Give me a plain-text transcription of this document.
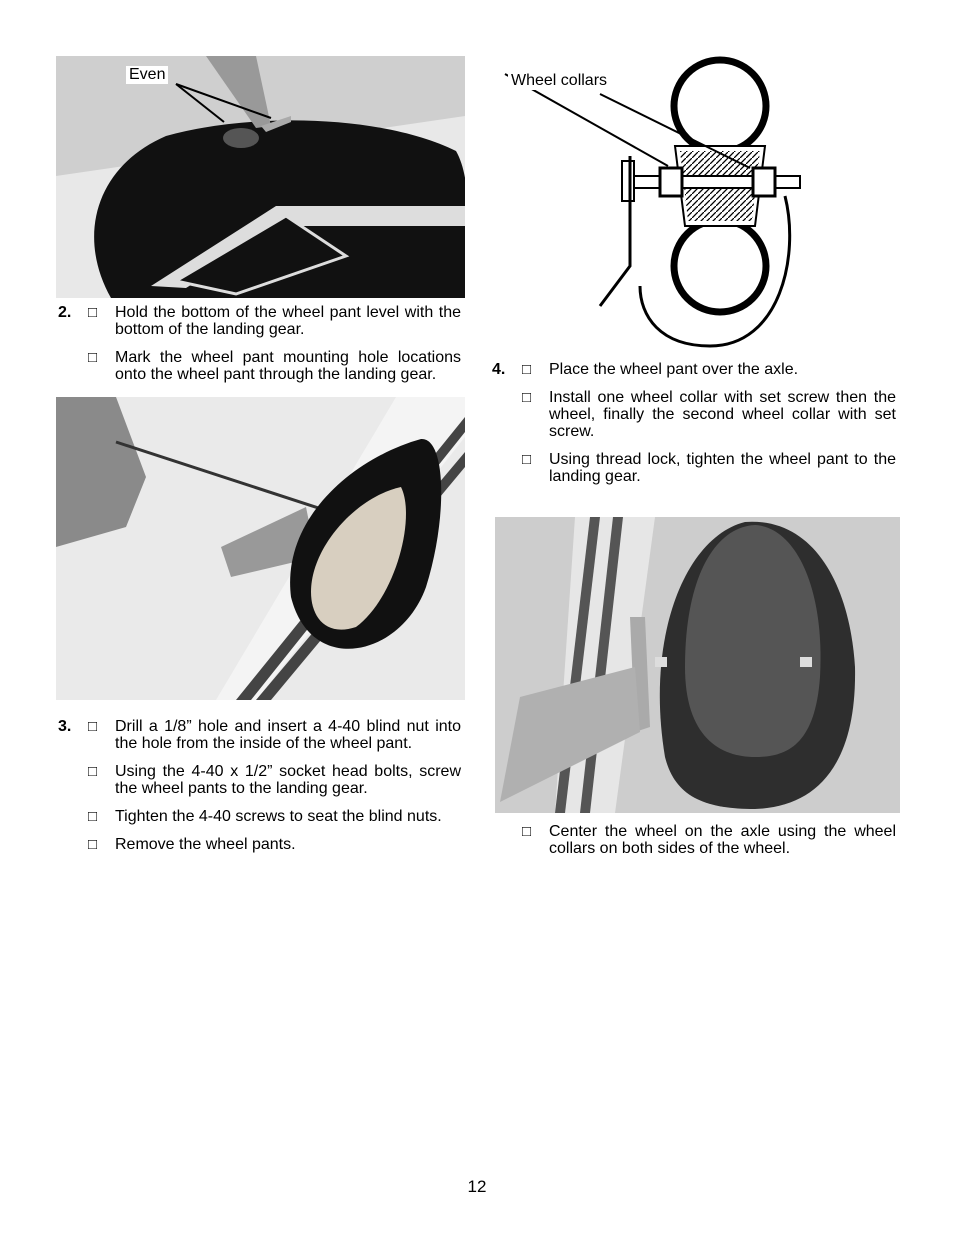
Even
2. □	Hold the bottom of the wheel pant level with the bottom of the landing gear.
□	Mark the wheel pant mounting hole locations onto the wheel pant through the landing gear.
3. □	Drill a 1/8” hole and insert a 4-40 blind nut into the hole from the inside of the wheel pant.
□	Using the 4-40 x 1/2” socket head bolts, screw the wheel pants to the landing gear.
□	Tighten the 4-40 screws to seat the blind nuts.
□	Remove the wheel pants.
Wheel collars
4. □	Place the wheel pant over the axle.
□	Install one wheel collar with set screw then the wheel, finally the second wheel collar with set screw.
□	Using thread lock, tighten the wheel pant to the landing gear.
□	Center the wheel on the axle using the wheel collars on both sides of the wheel.
12
